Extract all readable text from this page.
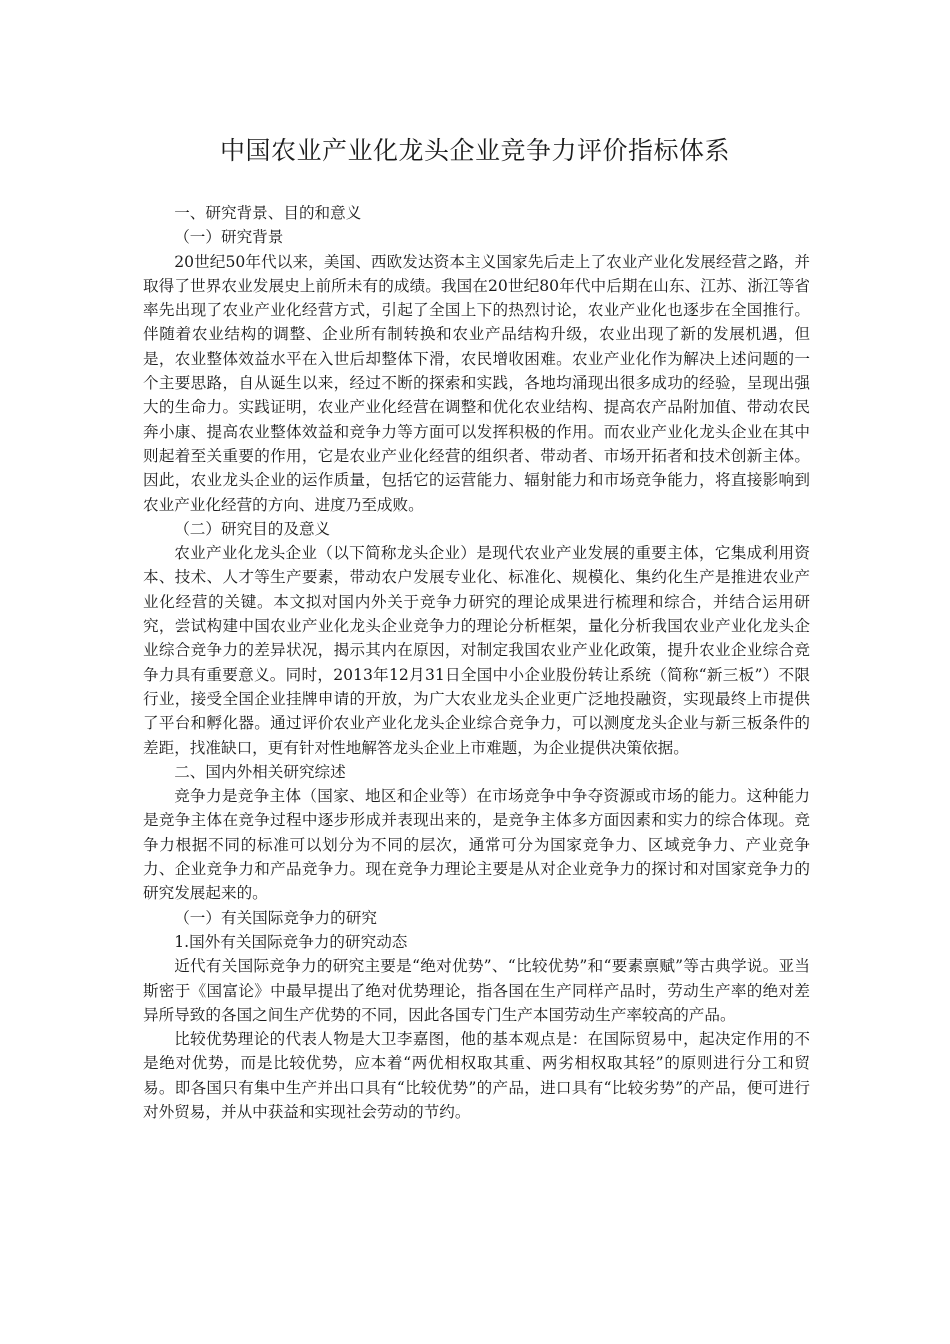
中国农业产业化龙头企业竞争力评价指标体系

一、研究背景、目的和意义

（一）研究背景

20世纪50年代以来，美国、西欧发达资本主义国家先后走上了农业产业化发展经营之路，并取得了世界农业发展史上前所未有的成绩。我国在20世纪80年代中后期在山东、江苏、浙江等省率先出现了农业产业化经营方式，引起了全国上下的热烈讨论，农业产业化也逐步在全国推行。伴随着农业结构的调整、企业所有制转换和农业产品结构升级，农业出现了新的发展机遇，但是，农业整体效益水平在入世后却整体下滑，农民增收困难。农业产业化作为解决上述问题的一个主要思路，自从诞生以来，经过不断的探索和实践，各地均涌现出很多成功的经验，呈现出强大的生命力。实践证明，农业产业化经营在调整和优化农业结构、提高农产品附加值、带动农民奔小康、提高农业整体效益和竞争力等方面可以发挥积极的作用。而农业产业化龙头企业在其中则起着至关重要的作用，它是农业产业化经营的组织者、带动者、市场开拓者和技术创新主体。因此，农业龙头企业的运作质量，包括它的运营能力、辐射能力和市场竞争能力，将直接影响到农业产业化经营的方向、进度乃至成败。

（二）研究目的及意义

农业产业化龙头企业（以下简称龙头企业）是现代农业产业发展的重要主体，它集成利用资本、技术、人才等生产要素，带动农户发展专业化、标准化、规模化、集约化生产是推进农业产业化经营的关键。本文拟对国内外关于竞争力研究的理论成果进行梳理和综合，并结合运用研究，尝试构建中国农业产业化龙头企业竞争力的理论分析框架，量化分析我国农业产业化龙头企业综合竞争力的差异状况，揭示其内在原因，对制定我国农业产业化政策，提升农业企业综合竞争力具有重要意义。同时，2013年12月31日全国中小企业股份转让系统（简称“新三板”）不限行业，接受全国企业挂牌申请的开放，为广大农业龙头企业更广泛地投融资，实现最终上市提供了平台和孵化器。通过评价农业产业化龙头企业综合竞争力，可以测度龙头企业与新三板条件的差距，找准缺口，更有针对性地解答龙头企业上市难题，为企业提供决策依据。

二、国内外相关研究综述

竞争力是竞争主体（国家、地区和企业等）在市场竞争中争夺资源或市场的能力。这种能力是竞争主体在竞争过程中逐步形成并表现出来的，是竞争主体多方面因素和实力的综合体现。竞争力根据不同的标准可以划分为不同的层次，通常可分为国家竞争力、区域竞争力、产业竞争力、企业竞争力和产品竞争力。现在竞争力理论主要是从对企业竞争力的探讨和对国家竞争力的研究发展起来的。

（一）有关国际竞争力的研究

1.国外有关国际竞争力的研究动态

近代有关国际竞争力的研究主要是“绝对优势”、“比较优势”和“要素禀赋”等古典学说。亚当斯密于《国富论》中最早提出了绝对优势理论，指各国在生产同样产品时，劳动生产率的绝对差异所导致的各国之间生产优势的不同，因此各国专门生产本国劳动生产率较高的产品。

比较优势理论的代表人物是大卫李嘉图，他的基本观点是：在国际贸易中，起决定作用的不是绝对优势，而是比较优势，应本着“两优相权取其重、两劣相权取其轻”的原则进行分工和贸易。即各国只有集中生产并出口具有“比较优势”的产品，进口具有“比较劣势”的产品，便可进行对外贸易，并从中获益和实现社会劳动的节约。
